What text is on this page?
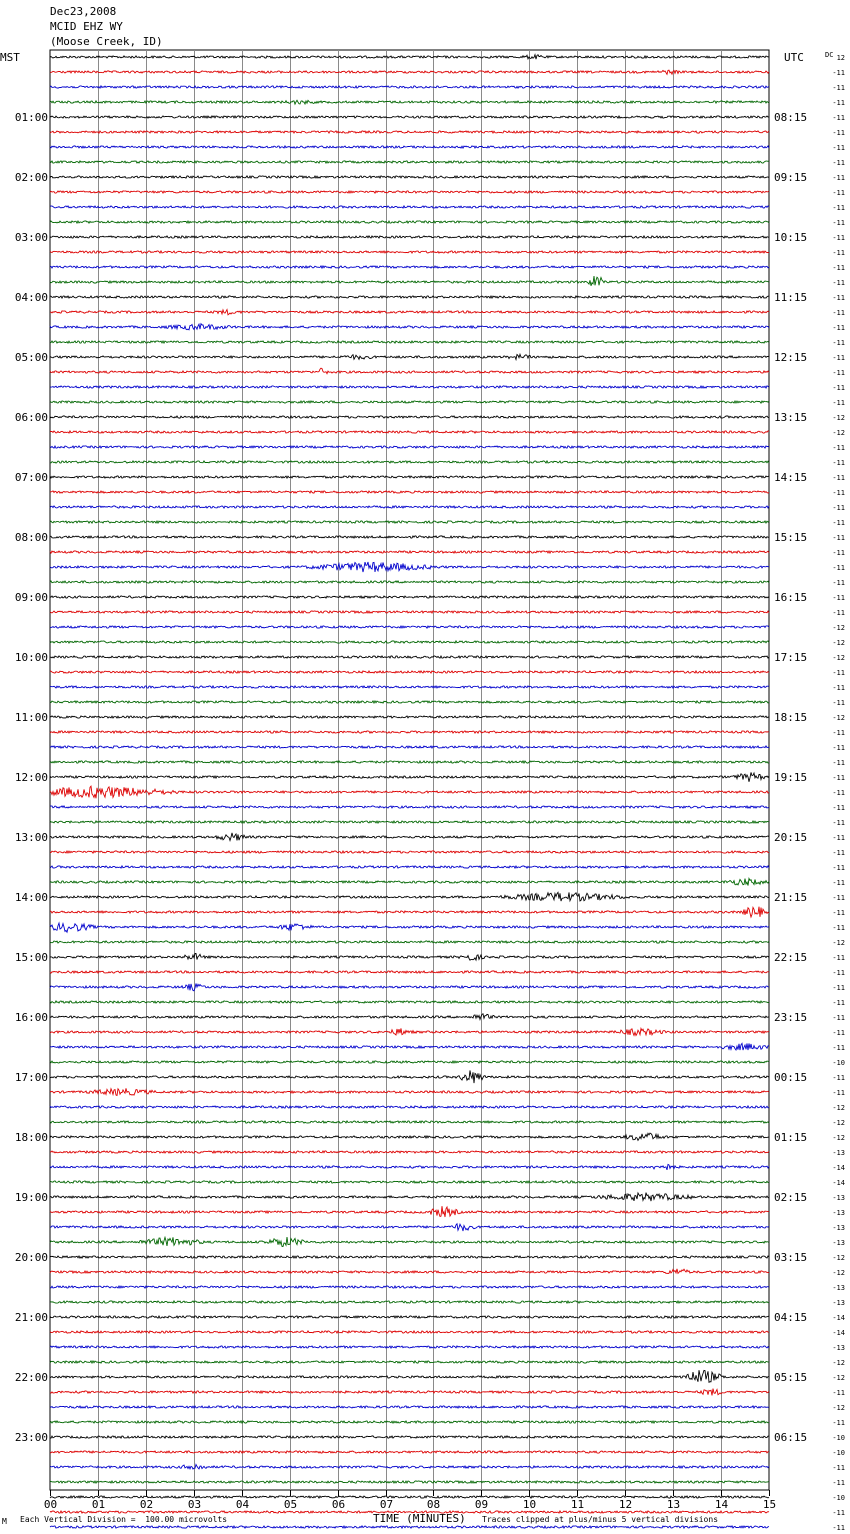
12
-11
-11
-11
-11
-11
-11
-11
-11
-11
-11
-11
-11
-11
-11
-11
-11
-11
-11
-11
-11
-11
-11
-11
-12
-12
-11
-11
-11
-11
-11
-11
-11
-11
-11
-11
-11
-11
-12
-12
-12
-11
-11
-11
-12
-11
-11
-11
-11
-11
-11
-11
-11
-11
-11
-11
-11
-11
-11
-12
-11
-11
-11
-11
-11
-11
-11
-10
-11
-11
-12
-12
-12
-13
-14
-14
-13
-13
-13
-13
-12
-12
-13
-13
-14
-14
-13
-12
-12
-11
-12
-11
-10
-10
-11
-11
-10
-11
-11
MST	UTC	DC
01:00
02:00
03:00
04:00
05:00
06:00
07:00
08:00
09:00
10:00
11:00
12:00
13:00
14:00
15:00
16:00
17:00
18:00
19:00
20:00
21:00
22:00
23:00
08:15
09:15
10:15
11:15
12:15
13:15
14:15
15:15
16:15
17:15
18:15
19:15
20:15
21:15
22:15
23:15
00:15
01:15
02:15
03:15
04:15
05:15
06:15
00	01	02	03	04	05	06	07	08	09	10	11	12	13	14	15
Dec23,2008
MCID EHZ WY
(Moose Creek, ID)
TIME (MINUTES)
M Each Vertical Division =  100.00 microvolts	Traces clipped at plus/minus 5 vertical divisions
